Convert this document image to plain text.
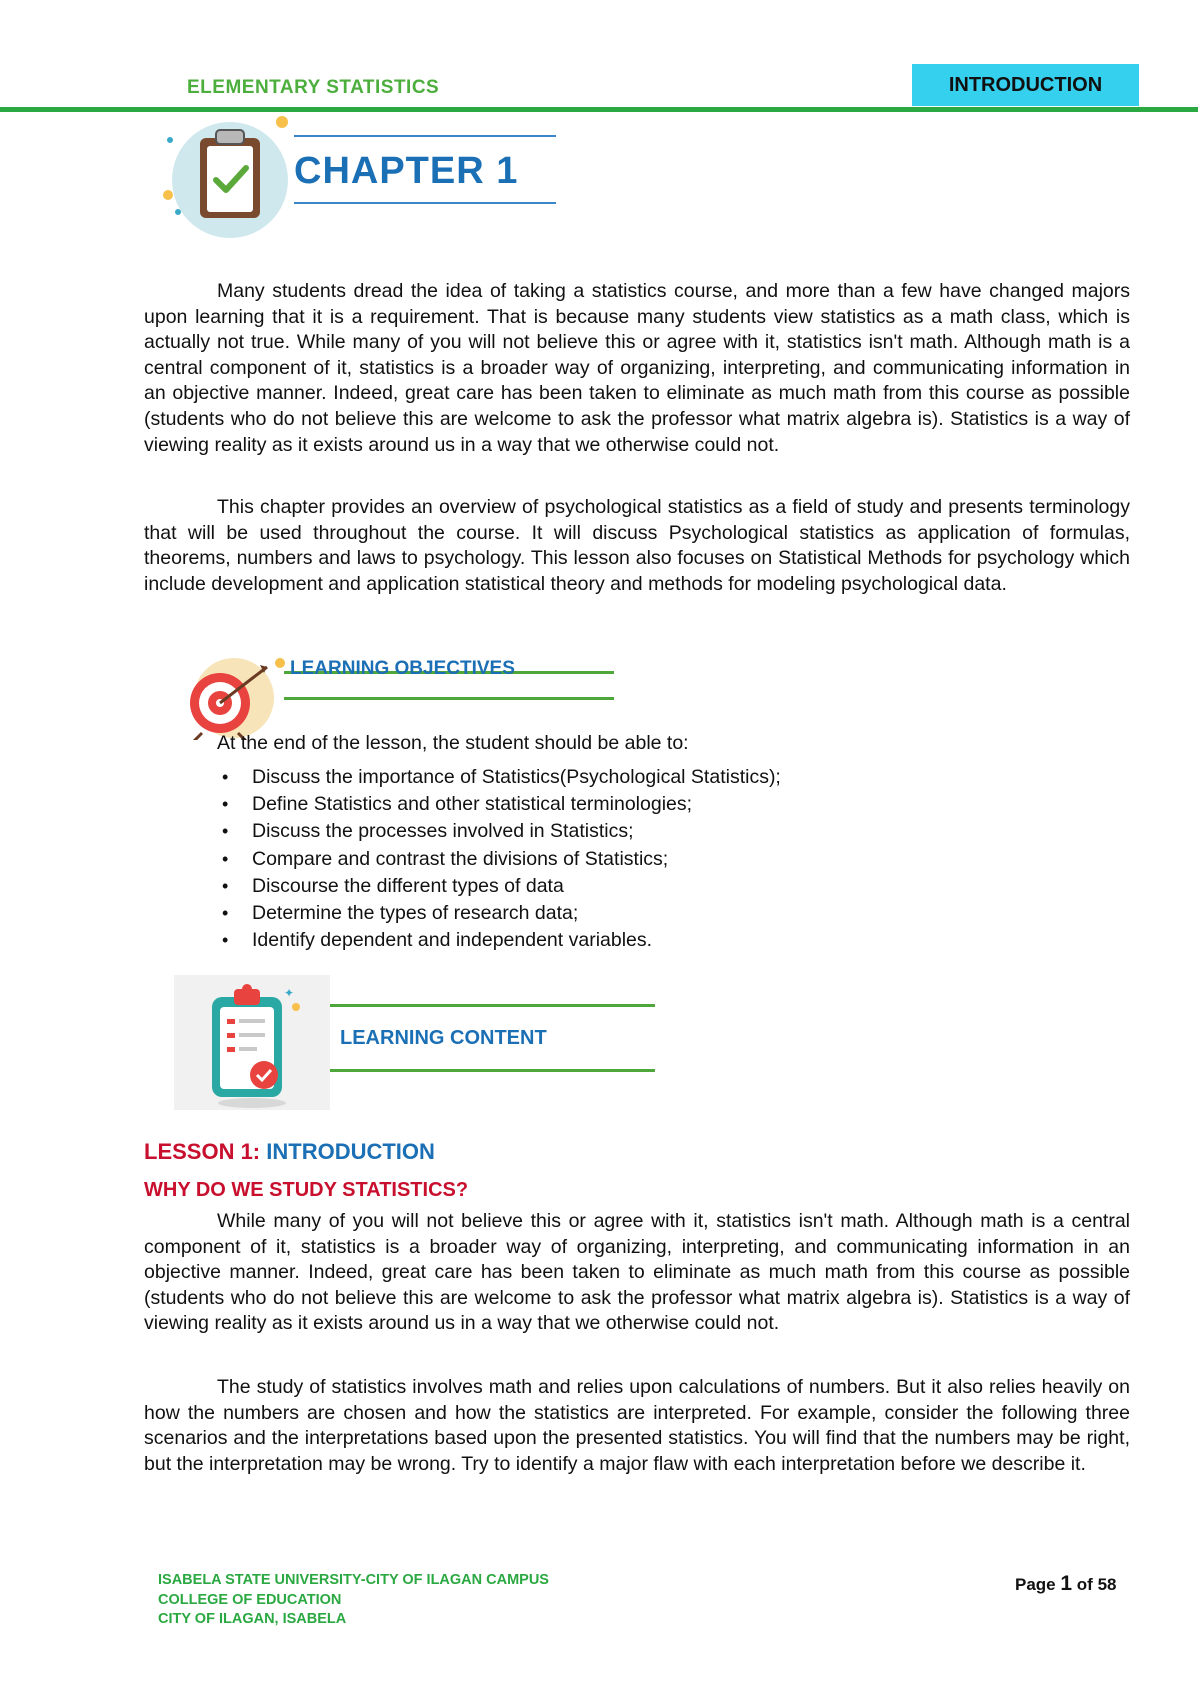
ELEMENTARY STATISTICS	INTRODUCTION
CHAPTER 1

Many students dread the idea of taking a statistics course, and more than a few have changed majors upon learning that it is a requirement. That is because many students view statistics as a math class, which is actually not true. While many of you will not believe this or agree with it, statistics isn't math. Although math is a central component of it, statistics is a broader way of organizing, interpreting, and communicating information in an objective manner. Indeed, great care has been taken to eliminate as much math from this course as possible (students who do not believe this are welcome to ask the professor what matrix algebra is). Statistics is a way of viewing reality as it exists around us in a way that we otherwise could not.

This chapter provides an overview of psychological statistics as a field of study and presents terminology that will be used throughout the course. It will discuss Psychological statistics as application of formulas, theorems, numbers and laws to psychology. This lesson also focuses on Statistical Methods for psychology which include development and application statistical theory and methods for modeling psychological data.

LEARNING OBJECTIVES
At the end of the lesson, the student should be able to:
• Discuss the importance of Statistics(Psychological Statistics);
• Define Statistics and other statistical terminologies;
• Discuss the processes involved in Statistics;
• Compare and contrast the divisions of Statistics;
• Discourse the different types of data
• Determine the types of research data;
• Identify dependent and independent variables.
✦
LEARNING CONTENT
LESSON 1: INTRODUCTION
WHY DO WE STUDY STATISTICS?

While many of you will not believe this or agree with it, statistics isn't math. Although math is a central component of it, statistics is a broader way of organizing, interpreting, and communicating information in an objective manner. Indeed, great care has been taken to eliminate as much math from this course as possible (students who do not believe this are welcome to ask the professor what matrix algebra is). Statistics is a way of viewing reality as it exists around us in a way that we otherwise could not.

The study of statistics involves math and relies upon calculations of numbers. But it also relies heavily on how the numbers are chosen and how the statistics are interpreted. For example, consider the following three scenarios and the interpretations based upon the presented statistics. You will find that the numbers may be right, but the interpretation may be wrong. Try to identify a major flaw with each interpretation before we describe it.

ISABELA STATE UNIVERSITY-CITY OF ILAGAN CAMPUS
COLLEGE OF EDUCATION
CITY OF ILAGAN, ISABELA
Page 1 of 58
